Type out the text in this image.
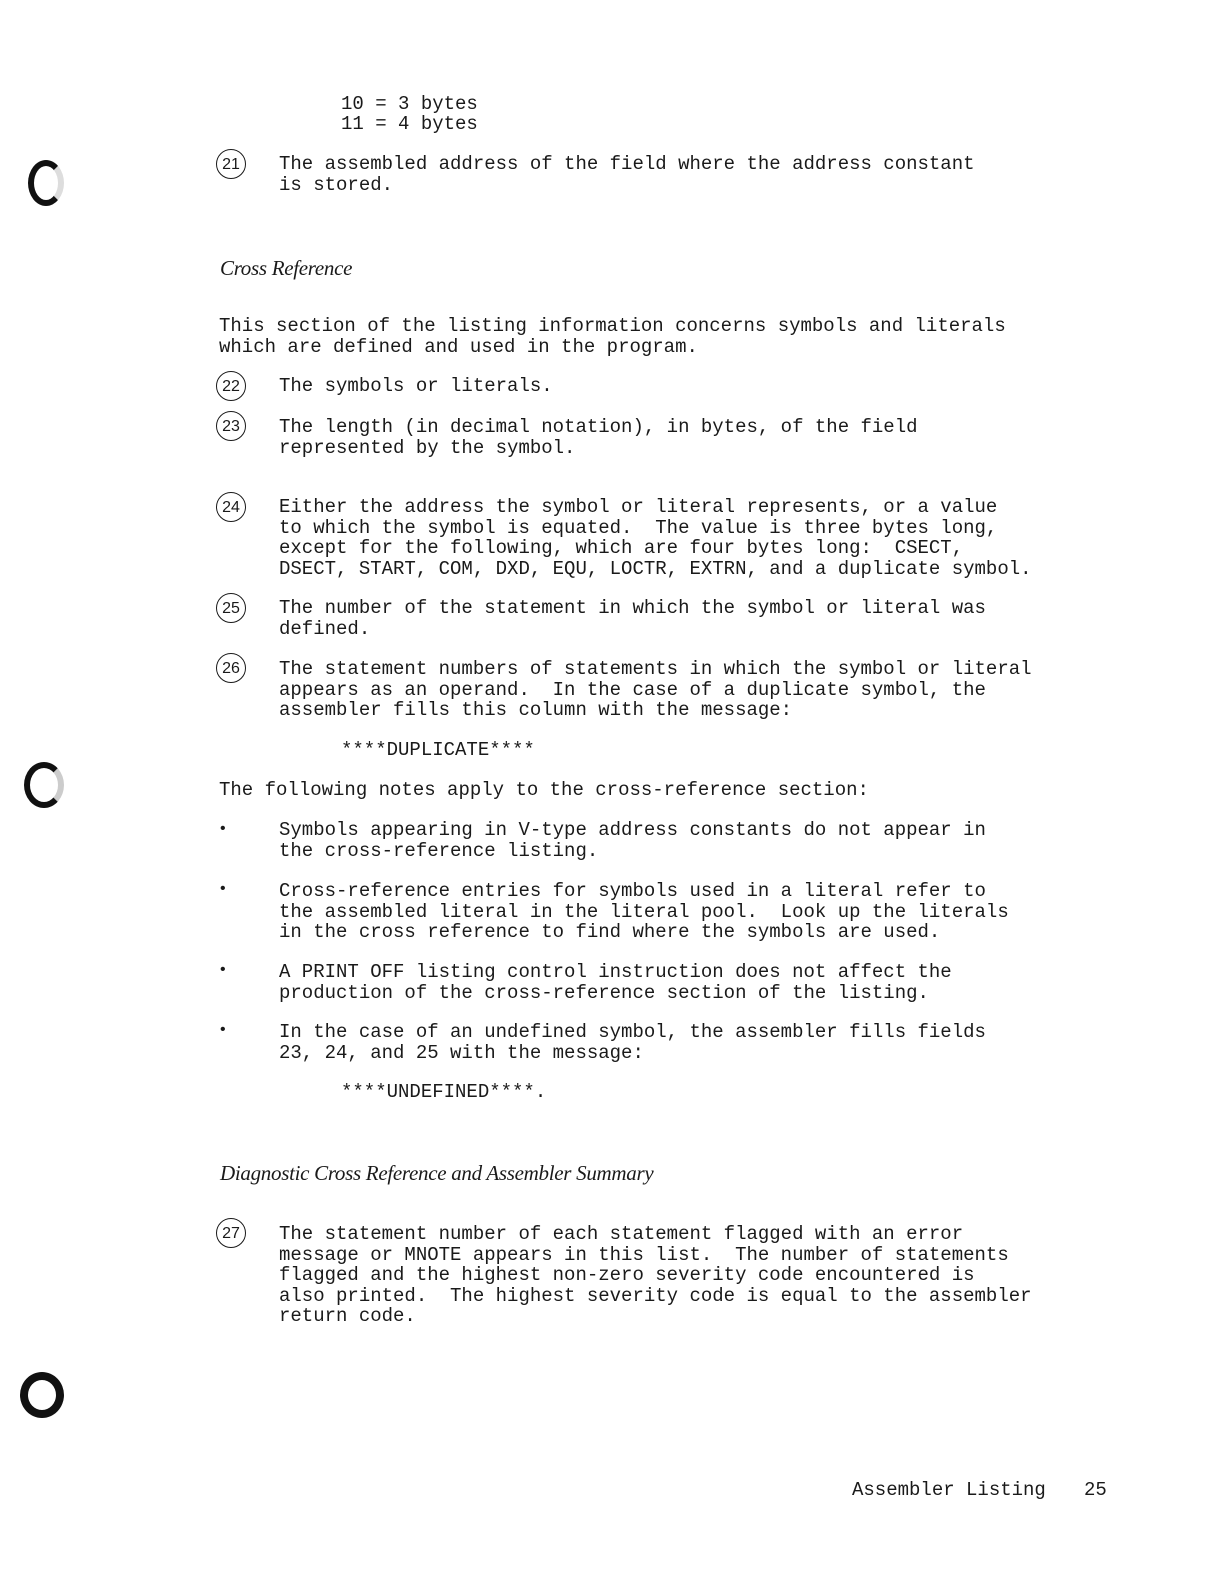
10 = 3 bytes
11 = 4 bytes
21	The assembled address of the field where the address constant
is stored.
Cross Reference
This section of the listing information concerns symbols and literals
which are defined and used in the program.
22	The symbols or literals.
23	The length (in decimal notation), in bytes, of the field
represented by the symbol.
24	Either the address the symbol or literal represents, or a value
to which the symbol is equated.  The value is three bytes long,
except for the following, which are four bytes long:  CSECT,
DSECT, START, COM, DXD, EQU, LOCTR, EXTRN, and a duplicate symbol.
25	The number of the statement in which the symbol or literal was
defined.
26	The statement numbers of statements in which the symbol or literal
appears as an operand.  In the case of a duplicate symbol, the
assembler fills this column with the message:
****DUPLICATE****
The following notes apply to the cross-reference section:
•	Symbols appearing in V-type address constants do not appear in
the cross-reference listing.
•	Cross-reference entries for symbols used in a literal refer to
the assembled literal in the literal pool.  Look up the literals
in the cross reference to find where the symbols are used.
•	A PRINT OFF listing control instruction does not affect the
production of the cross-reference section of the listing.
•	In the case of an undefined symbol, the assembler fills fields
23, 24, and 25 with the message:
****UNDEFINED****.
Diagnostic Cross Reference and Assembler Summary
27	The statement number of each statement flagged with an error
message or MNOTE appears in this list.  The number of statements
flagged and the highest non-zero severity code encountered is
also printed.  The highest severity code is equal to the assembler
return code.
Assembler Listing 25
